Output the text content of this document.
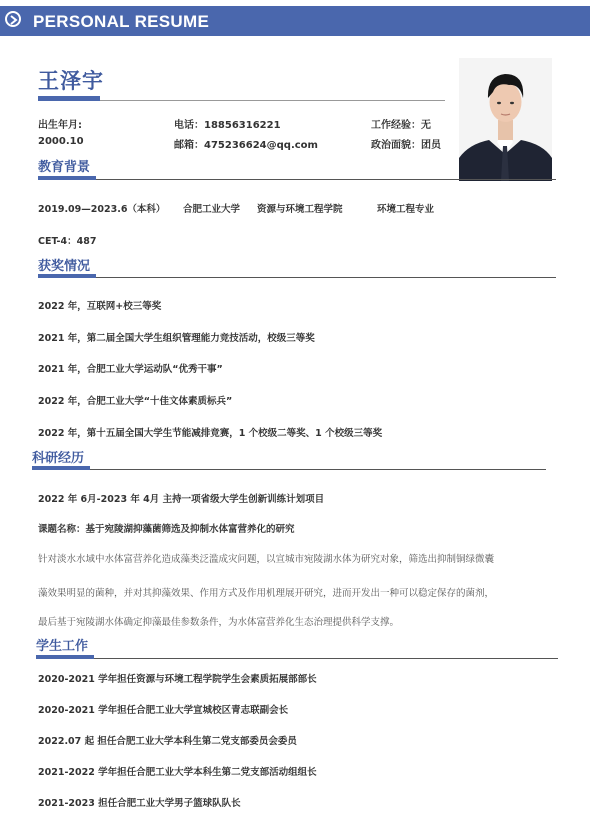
PERSONAL RESUME
王泽宇
出生年月:
2000.10
电话：18856316221
邮箱：475236624@qq.com
工作经验：无
政治面貌：团员
教育背景
2019.09—2023.6（本科） 合肥工业大学 资源与环境工程学院	环境工程专业
CET-4：487
获奖情况
2022 年，互联网+校三等奖
2021 年，第二届全国大学生组织管理能力竞技活动，校级三等奖
2021 年，合肥工业大学运动队“优秀干事”
2022 年，合肥工业大学“十佳文体素质标兵”
2022 年，第十五届全国大学生节能减排竞赛，1 个校级二等奖、1 个校级三等奖
科研经历
2022 年 6月-2023 年 4月 主持一项省级大学生创新训练计划项目
课题名称：基于宛陵湖抑藻菌筛选及抑制水体富营养化的研究
针对淡水水域中水体富营养化造成藻类泛滥成灾问题，以宣城市宛陵湖水体为研究对象，筛选出抑制铜绿微囊
藻效果明显的菌种，并对其抑藻效果、作用方式及作用机理展开研究，进而开发出一种可以稳定保存的菌剂，
最后基于宛陵湖水体确定抑藻最佳参数条件，为水体富营养化生态治理提供科学支撑。
学生工作
2020-2021 学年担任资源与环境工程学院学生会素质拓展部部长
2020-2021 学年担任合肥工业大学宣城校区青志联副会长
2022.07 起 担任合肥工业大学本科生第二党支部委员会委员
2021-2022 学年担任合肥工业大学本科生第二党支部活动组组长
2021-2023 担任合肥工业大学男子篮球队队长
